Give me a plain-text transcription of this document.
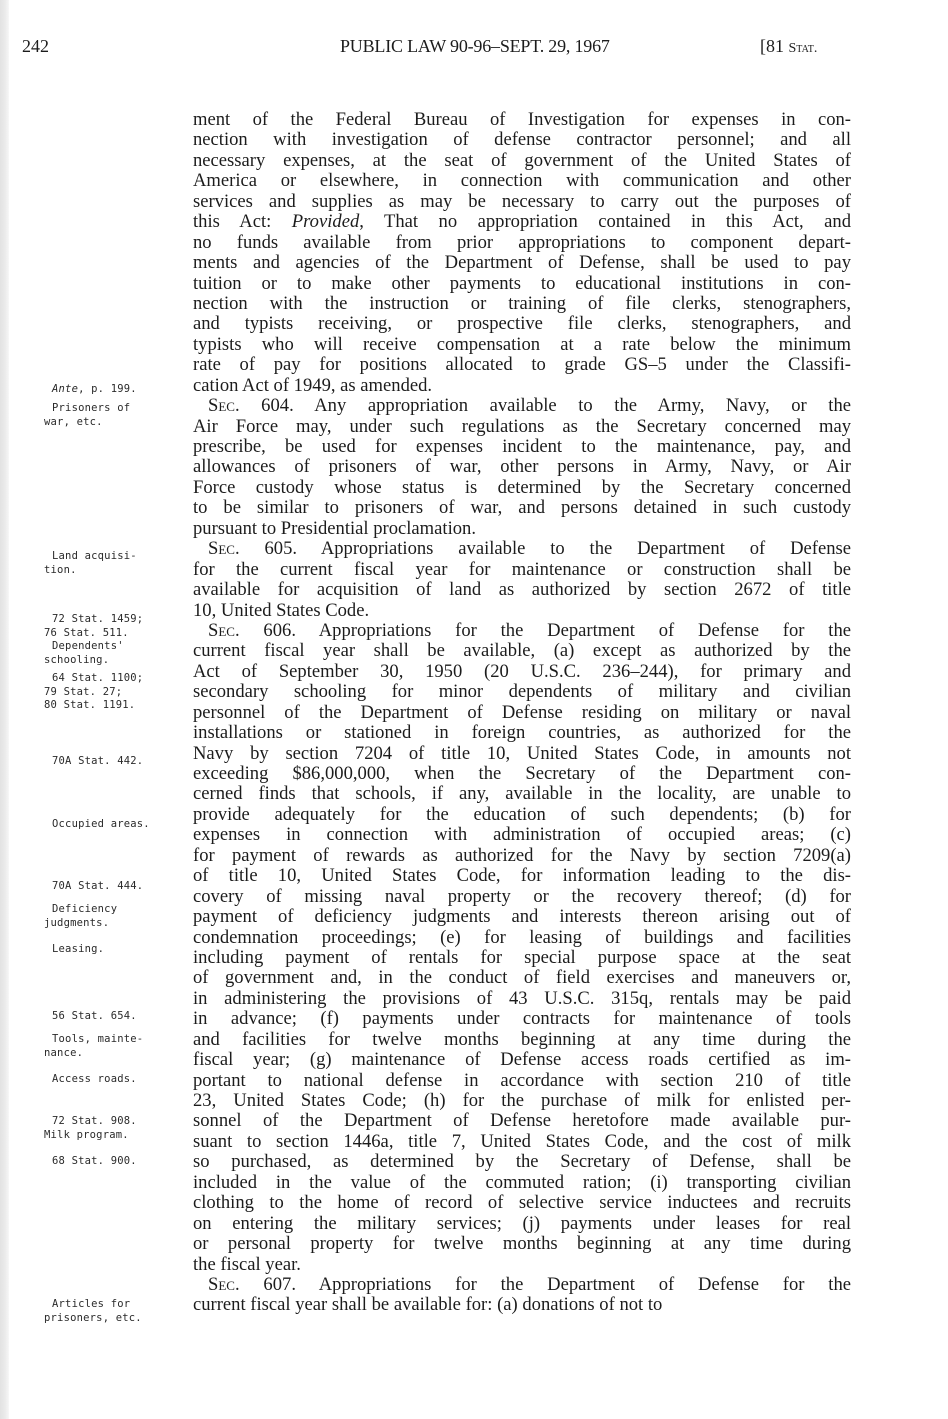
242	PUBLIC LAW 90-96–SEPT. 29, 1967	[81 Stat.
ment of the Federal Bureau of Investigation for expenses in con-
nection with investigation of defense contractor personnel; and all
necessary expenses, at the seat of government of the United States of
America or elsewhere, in connection with communication and other
services and supplies as may be necessary to carry out the purposes of
this Act: Provided, That no appropriation contained in this Act, and
no funds available from prior appropriations to component depart-
ments and agencies of the Department of Defense, shall be used to pay
tuition or to make other payments to educational institutions in con-
nection with the instruction or training of file clerks, stenographers,
and typists receiving, or prospective file clerks, stenographers, and
typists who will receive compensation at a rate below the minimum
rate of pay for positions allocated to grade GS–5 under the Classifi-
cation Act of 1949, as amended.
Sec. 604. Any appropriation available to the Army, Navy, or the
Air Force may, under such regulations as the Secretary concerned may
prescribe, be used for expenses incident to the maintenance, pay, and
allowances of prisoners of war, other persons in Army, Navy, or Air
Force custody whose status is determined by the Secretary concerned
to be similar to prisoners of war, and persons detained in such custody
pursuant to Presidential proclamation.
Sec. 605. Appropriations available to the Department of Defense
for the current fiscal year for maintenance or construction shall be
available for acquisition of land as authorized by section 2672 of title
10, United States Code.
Sec. 606. Appropriations for the Department of Defense for the
current fiscal year shall be available, (a) except as authorized by the
Act of September 30, 1950 (20 U.S.C. 236–244), for primary and
secondary schooling for minor dependents of military and civilian
personnel of the Department of Defense residing on military or naval
installations or stationed in foreign countries, as authorized for the
Navy by section 7204 of title 10, United States Code, in amounts not
exceeding $86,000,000, when the Secretary of the Department con-
cerned finds that schools, if any, available in the locality, are unable to
provide adequately for the education of such dependents; (b) for
expenses in connection with administration of occupied areas; (c)
for payment of rewards as authorized for the Navy by section 7209(a)
of title 10, United States Code, for information leading to the dis-
covery of missing naval property or the recovery thereof; (d) for
payment of deficiency judgments and interests thereon arising out of
condemnation proceedings; (e) for leasing of buildings and facilities
including payment of rentals for special purpose space at the seat
of government and, in the conduct of field exercises and maneuvers or,
in administering the provisions of 43 U.S.C. 315q, rentals may be paid
in advance; (f) payments under contracts for maintenance of tools
and facilities for twelve months beginning at any time during the
fiscal year; (g) maintenance of Defense access roads certified as im-
portant to national defense in accordance with section 210 of title
23, United States Code; (h) for the purchase of milk for enlisted per-
sonnel of the Department of Defense heretofore made available pur-
suant to section 1446a, title 7, United States Code, and the cost of milk
so purchased, as determined by the Secretary of Defense, shall be
included in the value of the commuted ration; (i) transporting civilian
clothing to the home of record of selective service inductees and recruits
on entering the military services; (j) payments under leases for real
or personal property for twelve months beginning at any time during
the fiscal year.
Sec. 607. Appropriations for the Department of Defense for the
current fiscal year shall be available for: (a) donations of not to
Ante, p. 199.
Prisoners of
war, etc.
Land acquisi-
tion.
72 Stat. 1459;
76 Stat. 511.
Dependents'
schooling.
64 Stat. 1100;
79 Stat. 27;
80 Stat. 1191.
70A Stat. 442.
Occupied areas.
70A Stat. 444.
Deficiency
judgments.
Leasing.
56 Stat. 654.
Tools, mainte-
nance.
Access roads.
72 Stat. 908.
Milk program.
68 Stat. 900.
Articles for
prisoners, etc.
